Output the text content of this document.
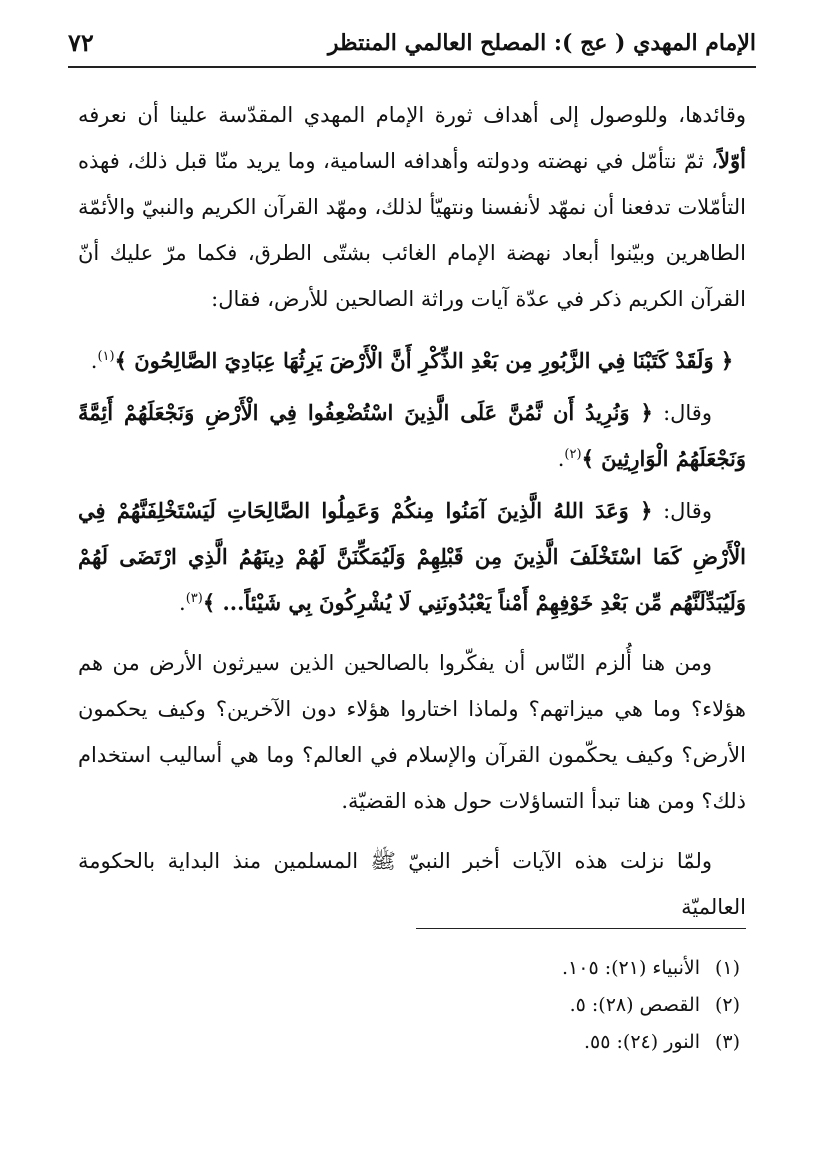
الإمام المهدي ( عج ): المصلح العالمي المنتظر
٧٢

وقائدها، وللوصول إلى أهداف ثورة الإمام المهدي المقدّسة علينا أن نعرفه أوّلاً، ثمّ نتأمّل في نهضته ودولته وأهدافه السامية، وما يريد منّا قبل ذلك، فهذه التأمّلات تدفعنا أن نمهّد لأنفسنا ونتهيّأ لذلك، ومهّد القرآن الكريم والنبيّ والأئمّة الطاهرين وبيّنوا أبعاد نهضة الإمام الغائب بشتّى الطرق، فكما مرّ عليك أنّ القرآن الكريم ذكر في عدّة آيات وراثة الصالحين للأرض، فقال:

﴿ وَلَقَدْ كَتَبْنَا فِي الزَّبُورِ مِن بَعْدِ الذِّكْرِ أَنَّ الْأَرْضَ يَرِثُهَا عِبَادِيَ الصَّالِحُونَ ﴾$^{(١)}$.

وقال: ﴿ وَنُرِيدُ أَن نَّمُنَّ عَلَى الَّذِينَ اسْتُضْعِفُوا فِي الْأَرْضِ وَنَجْعَلَهُمْ أَئِمَّةً وَنَجْعَلَهُمُ الْوَارِثِينَ ﴾$^{(٢)}$.

وقال: ﴿ وَعَدَ اللهُ الَّذِينَ آمَنُوا مِنكُمْ وَعَمِلُوا الصَّالِحَاتِ لَيَسْتَخْلِفَنَّهُمْ فِي الْأَرْضِ كَمَا اسْتَخْلَفَ الَّذِينَ مِن قَبْلِهِمْ وَلَيُمَكِّنَنَّ لَهُمْ دِينَهُمُ الَّذِي ارْتَضَى لَهُمْ وَلَيُبَدِّلَنَّهُم مِّن بَعْدِ خَوْفِهِمْ أَمْناً يَعْبُدُونَنِي لَا يُشْرِكُونَ بِي شَيْئاً... ﴾$^{(٣)}$.

ومن هنا أُلزم النّاس أن يفكّروا بالصالحين الذين سيرثون الأرض من هم هؤلاء؟ وما هي ميزاتهم؟ ولماذا اختاروا هؤلاء دون الآخرين؟ وكيف يحكمون الأرض؟ وكيف يحكّمون القرآن والإسلام في العالم؟ وما هي أساليب استخدام ذلك؟ ومن هنا تبدأ التساؤلات حول هذه القضيّة.

ولمّا نزلت هذه الآيات أخبر النبيّ ﷺ المسلمين منذ البداية بالحكومة العالميّة

(١)الأنبياء (٢١): ١٠٥.

(٢)القصص (٢٨): ٥.

(٣)النور (٢٤): ٥٥.
